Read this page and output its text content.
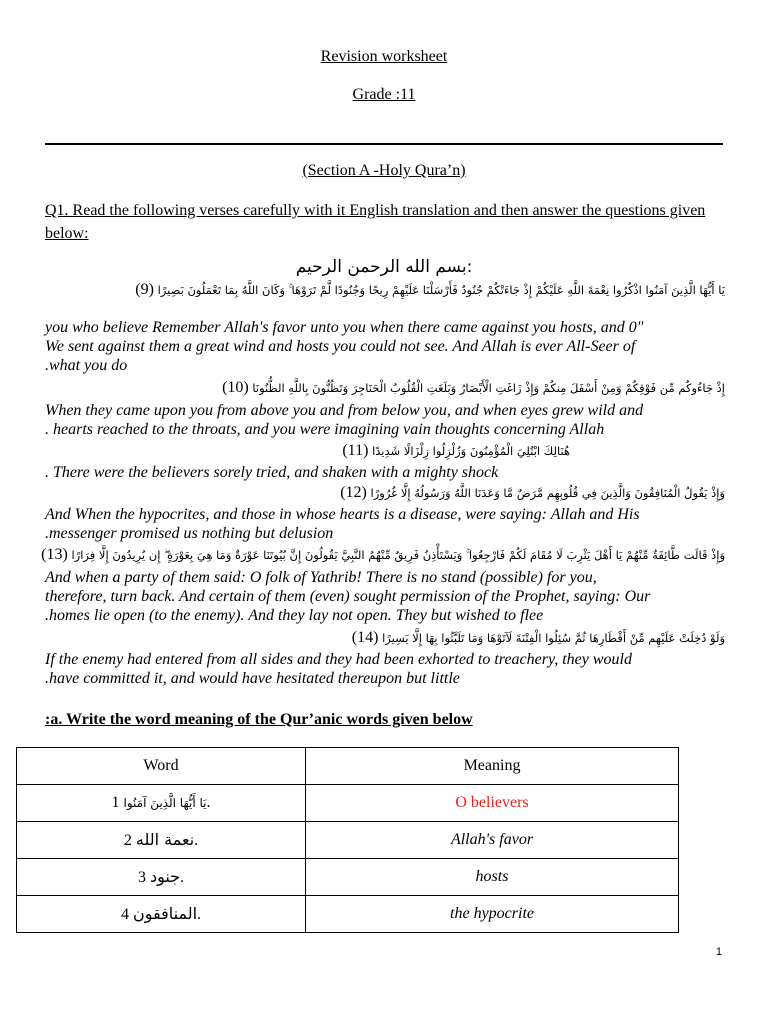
Revision worksheet
Grade :11
(Section A -Holy Qura’n)
Q1. Read the following verses carefully with it English translation and then answer the questions given below:
بسم الله الرحمن الرحيم:
يَا أَيُّهَا الَّذِينَ آمَنُوا اذْكُرُوا نِعْمَةَ اللَّهِ عَلَيْكُمْ إِذْ جَاءَتْكُمْ جُنُودٌ فَأَرْسَلْنَا عَلَيْهِمْ رِيحًا وَجُنُودًا لَّمْ تَرَوْهَا ۚ وَكَانَ اللَّهُ بِمَا تَعْمَلُونَ بَصِيرًا (9)
you who believe Remember Allah's favor unto you when there came against you hosts, and 0"
We sent against them a great wind and hosts you could not see. And Allah is ever All-Seer of
.what you do
إِذْ جَاءُوكُم مِّن فَوْقِكُمْ وَمِنْ أَسْفَلَ مِنكُمْ وَإِذْ زَاغَتِ الْأَبْصَارُ وَبَلَغَتِ الْقُلُوبُ الْحَنَاجِرَ وَتَظُنُّونَ بِاللَّهِ الظُّنُونَا (10)
When they came upon you from above you and from below you, and when eyes grew wild and
. hearts reached to the throats, and you were imagining vain thoughts concerning Allah
هُنَالِكَ ابْتُلِيَ الْمُؤْمِنُونَ وَزُلْزِلُوا زِلْزَالًا شَدِيدًا (11)
. There were the believers sorely tried, and shaken with a mighty shock
وَإِذْ يَقُولُ الْمُنَافِقُونَ وَالَّذِينَ فِي قُلُوبِهِم مَّرَضٌ مَّا وَعَدَنَا اللَّهُ وَرَسُولُهُ إِلَّا غُرُورًا (12)
And When the hypocrites, and those in whose hearts is a disease, were saying: Allah and His
.messenger promised us nothing but delusion
وَإِذْ قَالَت طَّائِفَةٌ مِّنْهُمْ يَا أَهْلَ يَثْرِبَ لَا مُقَامَ لَكُمْ فَارْجِعُوا ۚ وَيَسْتَأْذِنُ فَرِيقٌ مِّنْهُمُ النَّبِيَّ يَقُولُونَ إِنَّ بُيُوتَنَا عَوْرَةٌ وَمَا هِيَ بِعَوْرَةٍ ۖ إِن يُرِيدُونَ إِلَّا فِرَارًا (13)
And when a party of them said: O folk of Yathrib! There is no stand (possible) for you,
therefore, turn back. And certain of them (even) sought permission of the Prophet, saying: Our
.homes lie open (to the enemy). And they lay not open. They but wished to flee
وَلَوْ دُخِلَتْ عَلَيْهِم مِّنْ أَقْطَارِهَا ثُمَّ سُئِلُوا الْفِتْنَةَ لَآتَوْهَا وَمَا تَلَبَّثُوا بِهَا إِلَّا يَسِيرًا (14)
If the enemy had entered from all sides and they had been exhorted to treachery, they would
.have committed it, and would have hesitated thereupon but little
:a. Write the word meaning of the Qur’anic words given below
Word	Meaning
يَا أَيُّهَا الَّذِينَ آمَنُوا 1.	O believers
نعمة الله 2.	Allah's favor
جنود 3.	hosts
المنافقون 4.	the hypocrite
1
